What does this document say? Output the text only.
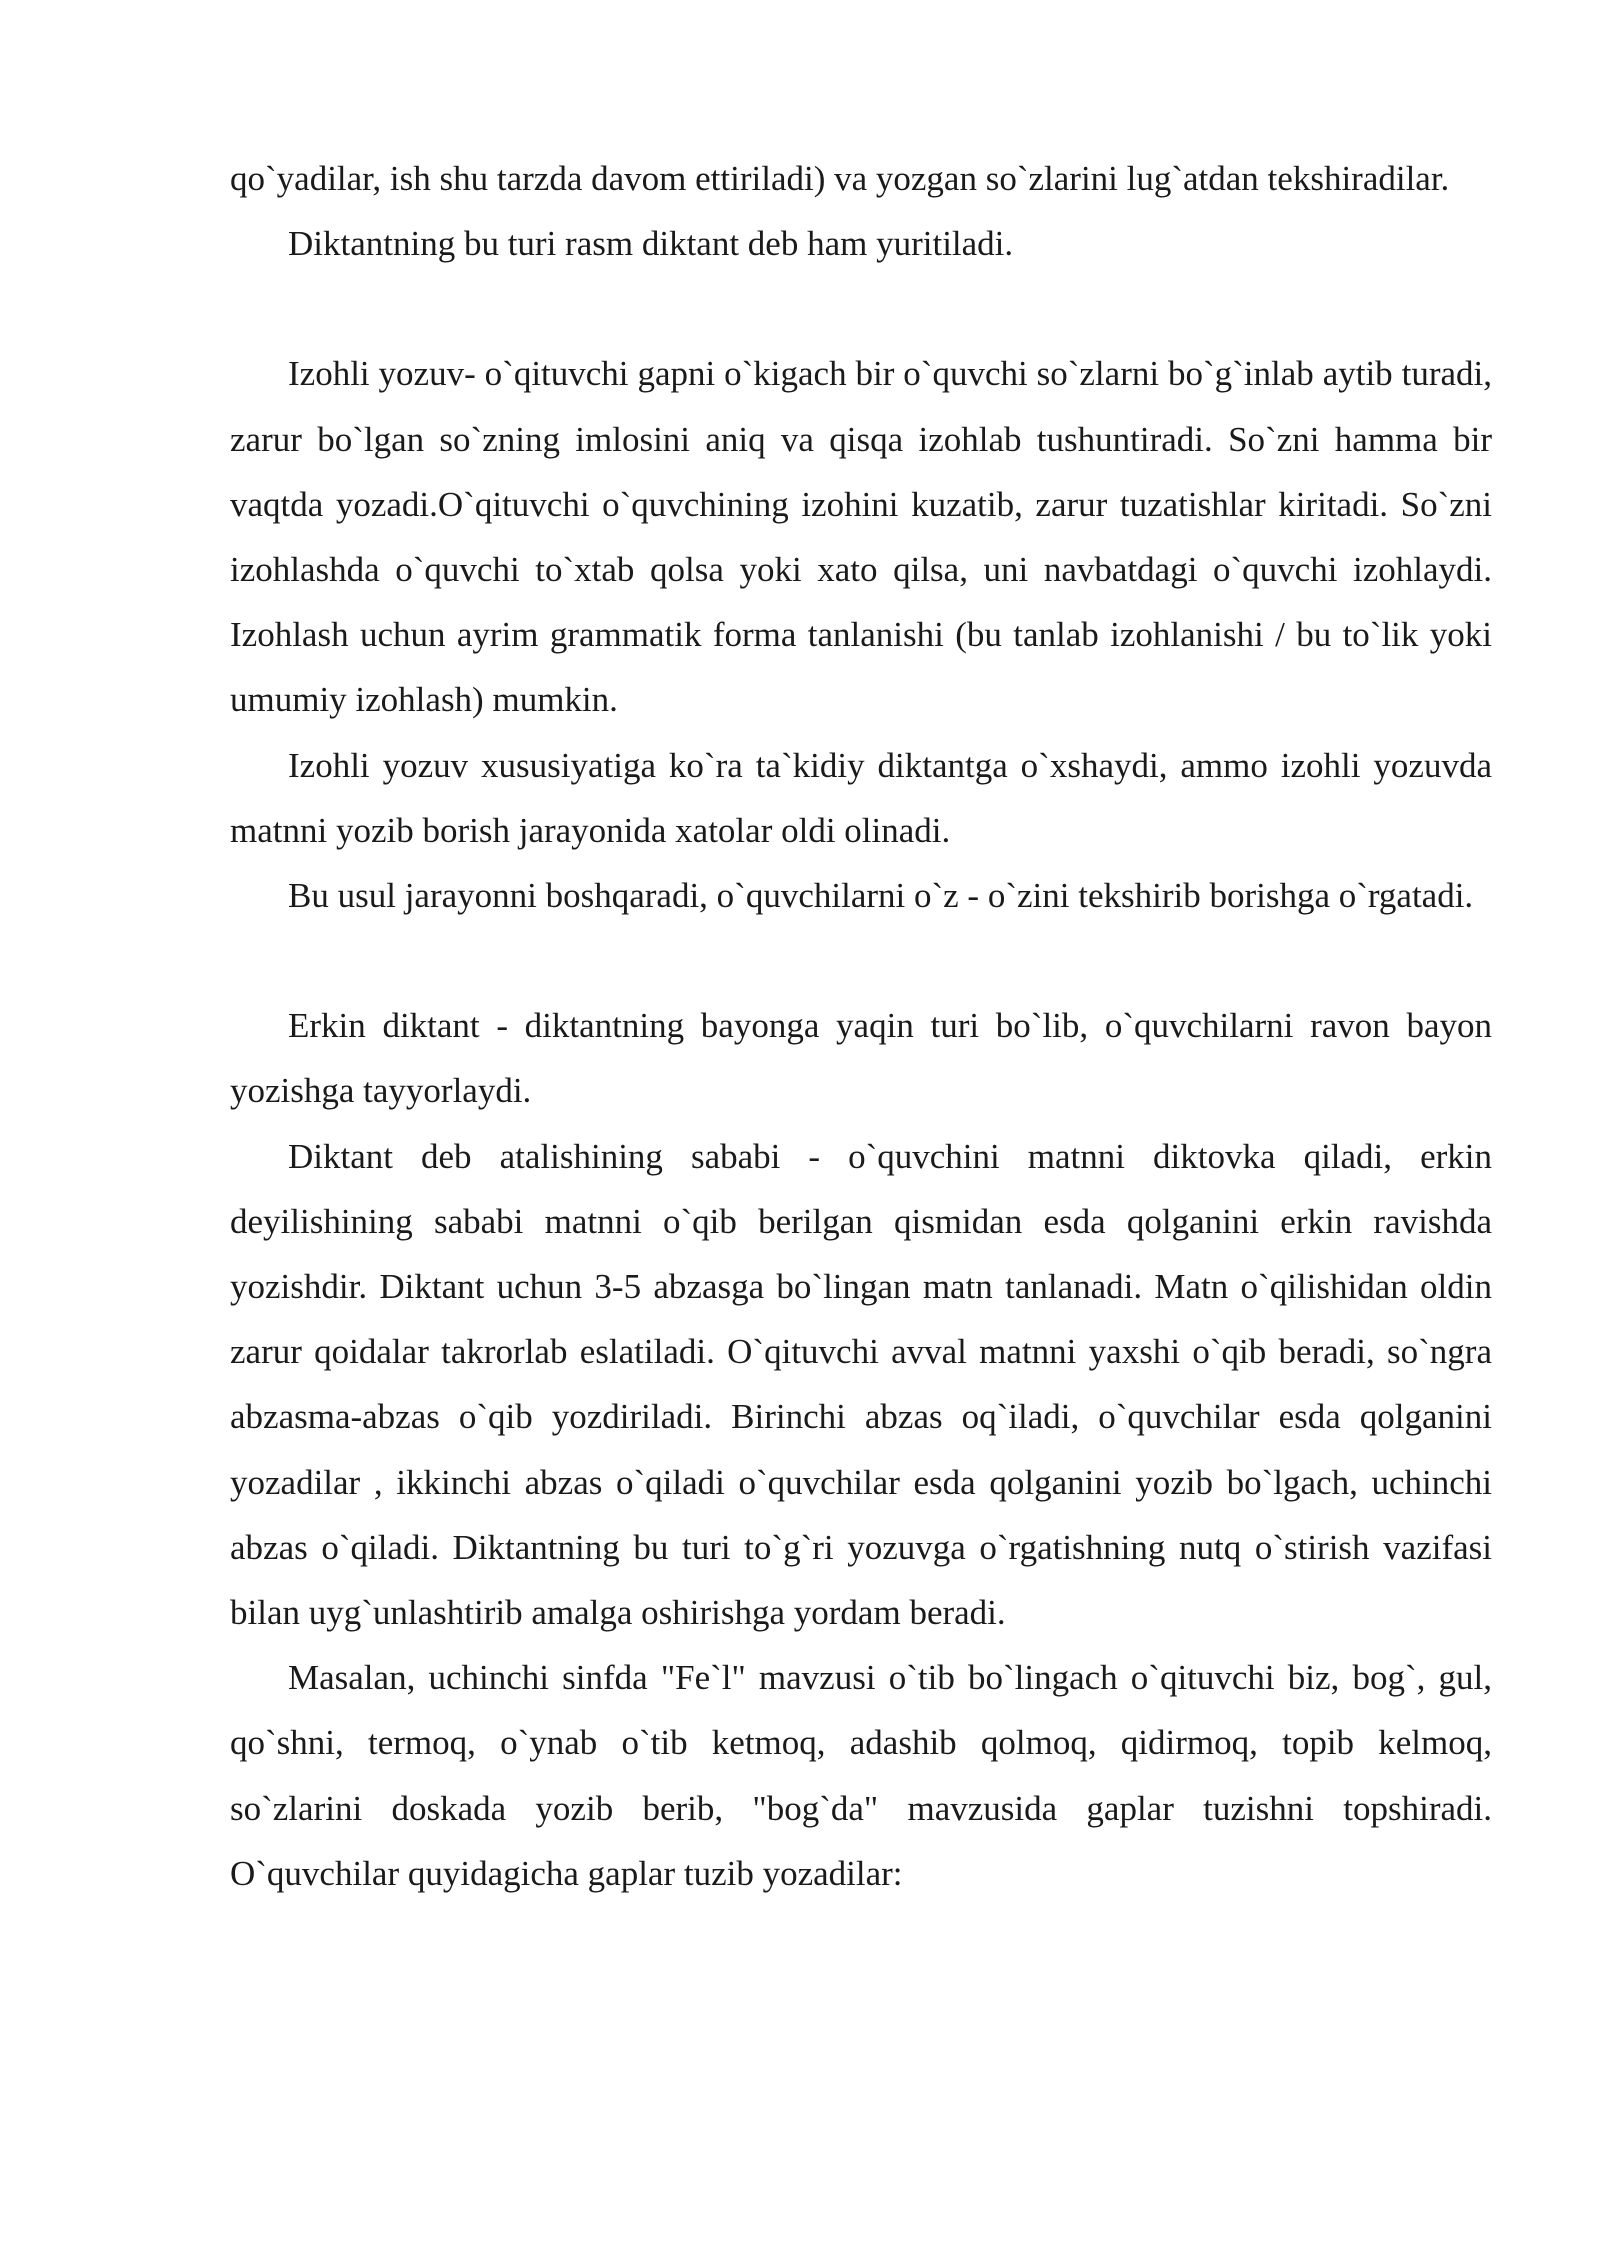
qo`yadilar, ish shu tarzda davom ettiriladi) va yozgan so`zlarini lug`atdan tekshiradilar.

Diktantning bu turi rasm diktant deb ham yuritiladi.

Izohli yozuv- o`qituvchi gapni o`kigach bir o`quvchi so`zlarni bo`g`inlab aytib turadi, zarur bo`lgan so`zning imlosini aniq va qisqa izohlab tushuntiradi. So`zni hamma bir vaqtda yozadi.O`qituvchi o`quvchining izohini kuzatib, zarur tuzatishlar kiritadi. So`zni izohlashda o`quvchi to`xtab qolsa yoki xato qilsa, uni navbatdagi o`quvchi izohlaydi. Izohlash uchun ayrim grammatik forma tanlanishi (bu tanlab izohlanishi / bu to`lik yoki umumiy izohlash) mumkin.

Izohli yozuv xususiyatiga ko`ra ta`kidiy diktantga o`xshaydi, ammo izohli yozuvda matnni yozib borish jarayonida xatolar oldi olinadi.

Bu usul jarayonni boshqaradi, o`quvchilarni o`z - o`zini tekshirib borishga o`rgatadi.

Erkin diktant - diktantning bayonga yaqin turi bo`lib, o`quvchilarni ravon bayon yozishga tayyorlaydi.

Diktant deb atalishining sababi - o`quvchini matnni diktovka qiladi, erkin deyilishining sababi matnni o`qib berilgan qismidan esda qolganini erkin ravishda yozishdir. Diktant uchun 3-5 abzasga bo`lingan matn tanlanadi. Matn o`qilishidan oldin zarur qoidalar takrorlab eslatiladi. O`qituvchi avval matnni yaxshi o`qib beradi, so`ngra abzasma-abzas o`qib yozdiriladi. Birinchi abzas oq`iladi, o`quvchilar esda qolganini yozadilar , ikkinchi abzas o`qiladi o`quvchilar esda qolganini yozib bo`lgach, uchinchi abzas o`qiladi. Diktantning bu turi to`g`ri yozuvga o`rgatishning nutq o`stirish vazifasi bilan uyg`unlashtirib amalga oshirishga yordam beradi.

Masalan, uchinchi sinfda "Fe`l" mavzusi o`tib bo`lingach o`qituvchi biz, bog`, gul, qo`shni, termoq, o`ynab o`tib ketmoq, adashib qolmoq, qidirmoq, topib kelmoq, so`zlarini doskada yozib berib, "bog`da" mavzusida gaplar tuzishni topshiradi. O`quvchilar quyidagicha gaplar tuzib yozadilar:
